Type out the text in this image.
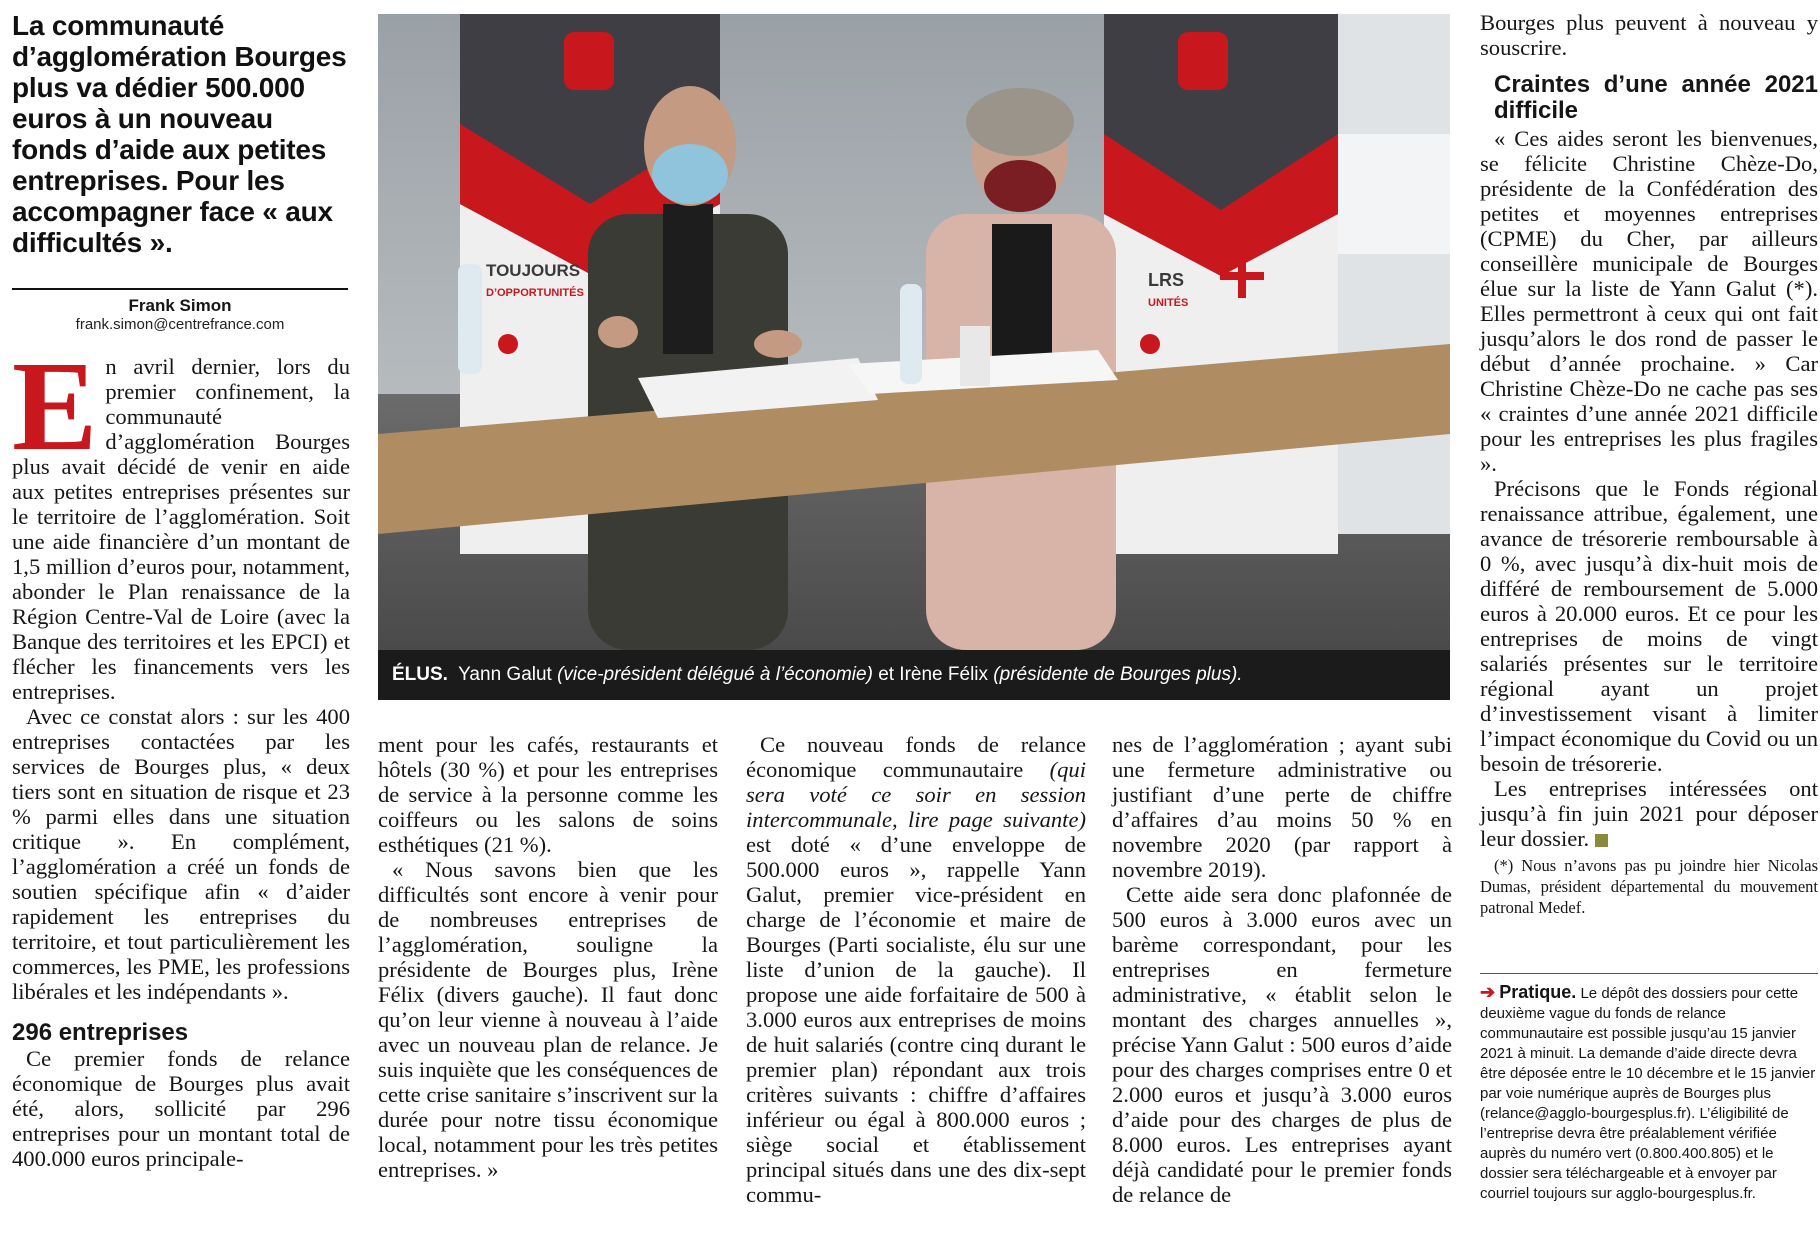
La communauté d’agglomération Bourges plus va dédier 500.000 euros à un nouveau fonds d’aide aux petites entreprises. Pour les accompagner face « aux difficultés ».
Frank Simon
frank.simon@centrefrance.com

En avril dernier, lors du premier confinement, la communauté d’agglomération Bourges plus avait décidé de venir en aide aux petites entreprises présentes sur le territoire de l’agglomération. Soit une aide financière d’un montant de 1,5 million d’euros pour, notamment, abonder le Plan renaissance de la Région Centre-Val de Loire (avec la Banque des territoires et les EPCI) et flécher les financements vers les entreprises.

Avec ce constat alors : sur les 400 entreprises contactées par les services de Bourges plus, « deux tiers sont en situation de risque et 23 % parmi elles dans une situation critique ». En complément, l’agglomération a créé un fonds de soutien spécifique afin « d’aider rapidement les entreprises du territoire, et tout particulièrement les commerces, les PME, les professions libérales et les indépendants ».

296 entreprises

Ce premier fonds de relance économique de Bourges plus avait été, alors, sollicité par 296 entreprises pour un montant total de 400.000 euros principale-

TOUJOURS
D’OPPORTUNITÉS
LRS
UNITÉS
ÉLUS. Yann Galut (vice-président délégué à l’économie) et Irène Félix (présidente de Bourges plus).

ment pour les cafés, restaurants et hôtels (30 %) et pour les entreprises de service à la personne comme les coiffeurs ou les salons de soins esthétiques (21 %).

« Nous savons bien que les difficultés sont encore à venir pour de nombreuses entreprises de l’agglomération, souligne la présidente de Bourges plus, Irène Félix (divers gauche). Il faut donc qu’on leur vienne à nouveau à l’aide avec un nouveau plan de relance. Je suis inquiète que les conséquences de cette crise sanitaire s’inscrivent sur la durée pour notre tissu économique local, notamment pour les très petites entreprises. »

Ce nouveau fonds de relance économique communautaire (qui sera voté ce soir en session intercommunale, lire page suivante) est doté « d’une enveloppe de 500.000 euros », rappelle Yann Galut, premier vice-président en charge de l’économie et maire de Bourges (Parti socialiste, élu sur une liste d’union de la gauche). Il propose une aide forfaitaire de 500 à 3.000 euros aux entreprises de moins de huit salariés (contre cinq durant le premier plan) répondant aux trois critères suivants : chiffre d’affaires inférieur ou égal à 800.000 euros ; siège social et établissement principal situés dans une des dix-sept commu-

nes de l’agglomération ; ayant subi une fermeture administrative ou justifiant d’une perte de chiffre d’affaires d’au moins 50 % en novembre 2020 (par rapport à novembre 2019).

Cette aide sera donc plafonnée de 500 euros à 3.000 euros avec un barème correspondant, pour les entreprises en fermeture administrative, « établit selon le montant des charges annuelles », précise Yann Galut : 500 euros d’aide pour des charges comprises entre 0 et 2.000 euros et jusqu’à 3.000 euros d’aide pour des charges de plus de 8.000 euros. Les entreprises ayant déjà candidaté pour le premier fonds de relance de

Bourges plus peuvent à nouveau y souscrire.

Craintes d’une année 2021 difficile

« Ces aides seront les bienvenues, se félicite Christine Chèze-Do, présidente de la Confédération des petites et moyennes entreprises (CPME) du Cher, par ailleurs conseillère municipale de Bourges élue sur la liste de Yann Galut (*). Elles permettront à ceux qui ont fait jusqu’alors le dos rond de passer le début d’année prochaine. » Car Christine Chèze-Do ne cache pas ses « craintes d’une année 2021 difficile pour les entreprises les plus fragiles ».

Précisons que le Fonds régional renaissance attribue, également, une avance de trésorerie remboursable à 0 %, avec jusqu’à dix-huit mois de différé de remboursement de 5.000 euros à 20.000 euros. Et ce pour les entreprises de moins de vingt salariés présentes sur le territoire régional ayant un projet d’investissement visant à limiter l’impact économique du Covid ou un besoin de trésorerie.

Les entreprises intéressées ont jusqu’à fin juin 2021 pour déposer leur dossier.

(*) Nous n’avons pas pu joindre hier Nicolas Dumas, président départemental du mouvement patronal Medef.

➔ Pratique. Le dépôt des dossiers pour cette deuxième vague du fonds de relance communautaire est possible jusqu’au 15 janvier 2021 à minuit. La demande d’aide directe devra être déposée entre le 10 décembre et le 15 janvier par voie numérique auprès de Bourges plus (relance@agglo-bourgesplus.fr). L’éligibilité de l’entreprise devra être préalablement vérifiée auprès du numéro vert (0.800.400.805) et le dossier sera téléchargeable et à envoyer par courriel toujours sur agglo-bourgesplus.fr.
